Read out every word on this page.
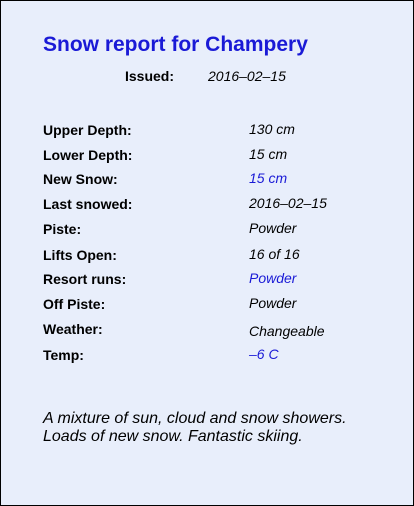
Snow report for Champery
Issued: 2016–02–15
Upper Depth:	130 cm
Lower Depth:	15 cm
New Snow:	15 cm
Last snowed:	2016–02–15
Piste:	Powder
Lifts Open:	16 of 16
Resort runs:	Powder
Off Piste:	Powder
Weather:	Changeable
Temp:	–6 C
A mixture of sun, cloud and snow showers.
Loads of new snow. Fantastic skiing.
